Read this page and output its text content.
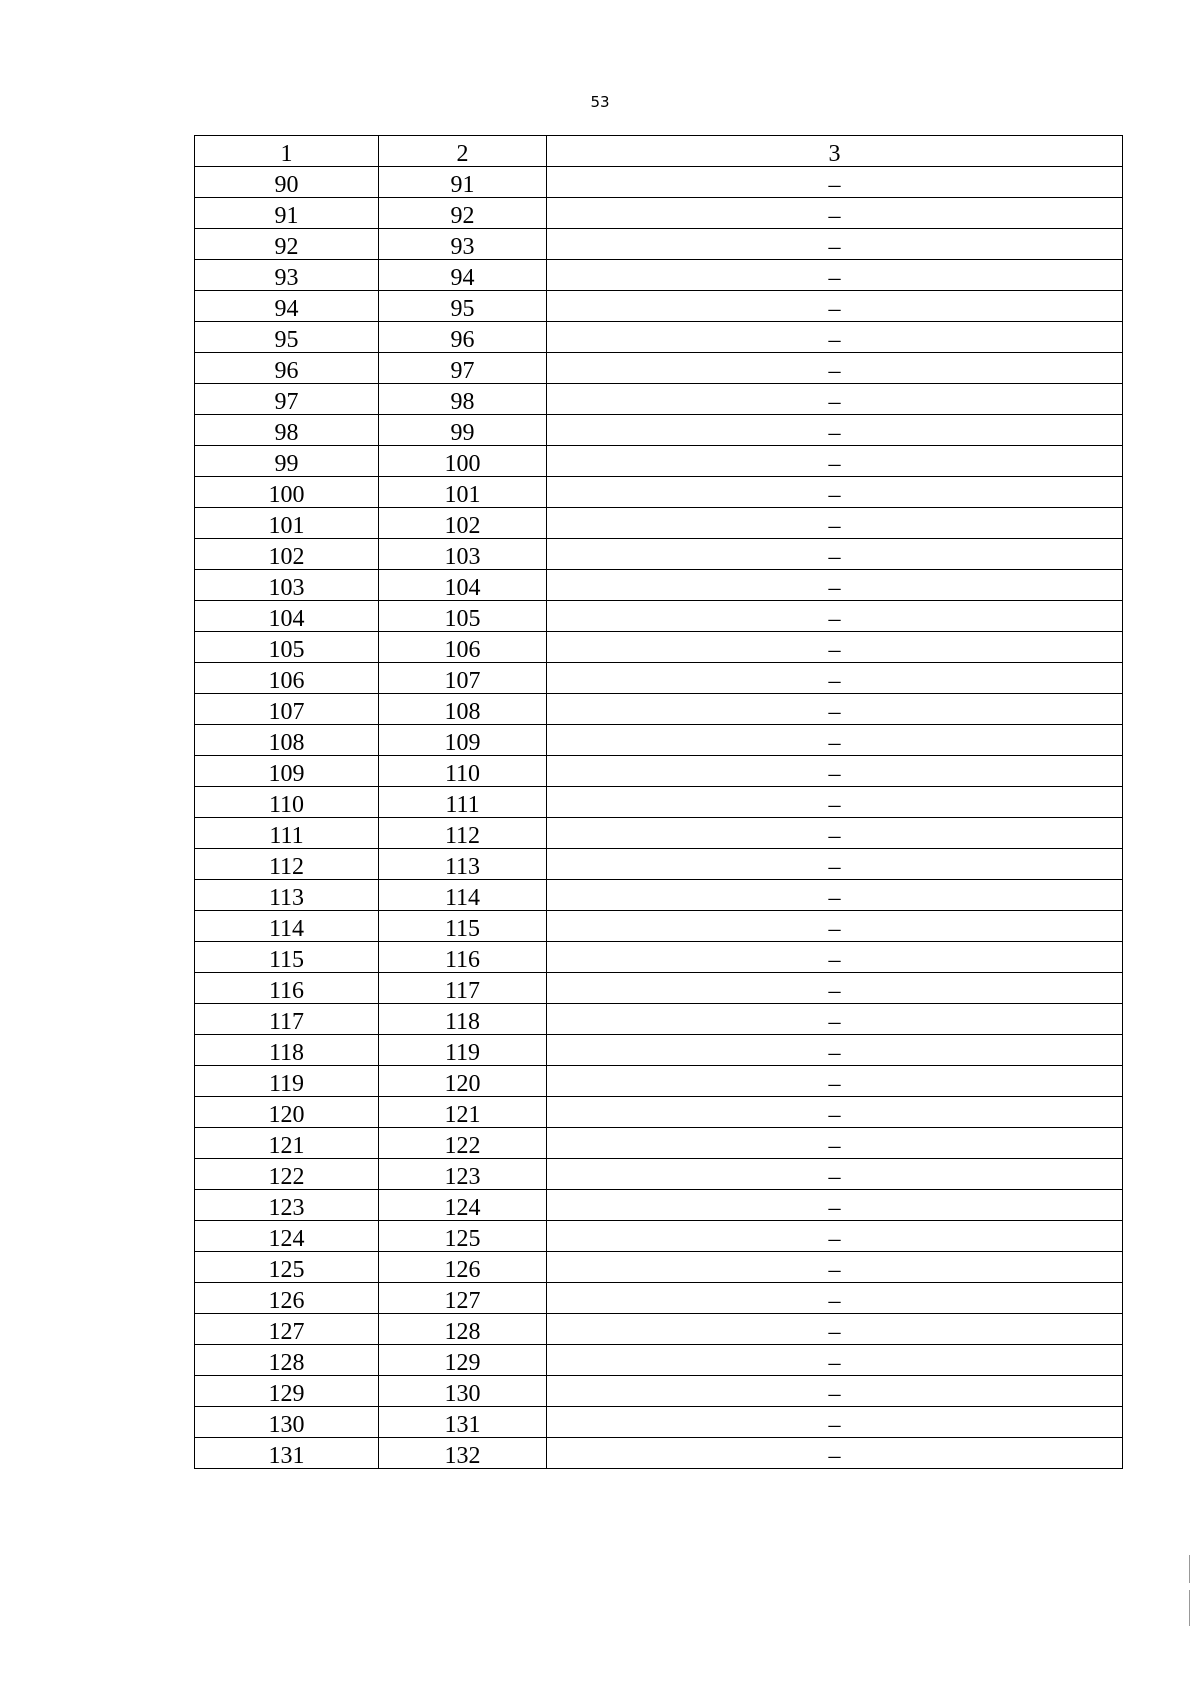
53
1	2	3
90	91	–
91	92	–
92	93	–
93	94	–
94	95	–
95	96	–
96	97	–
97	98	–
98	99	–
99	100	–
100	101	–
101	102	–
102	103	–
103	104	–
104	105	–
105	106	–
106	107	–
107	108	–
108	109	–
109	110	–
110	111	–
111	112	–
112	113	–
113	114	–
114	115	–
115	116	–
116	117	–
117	118	–
118	119	–
119	120	–
120	121	–
121	122	–
122	123	–
123	124	–
124	125	–
125	126	–
126	127	–
127	128	–
128	129	–
129	130	–
130	131	–
131	132	–
